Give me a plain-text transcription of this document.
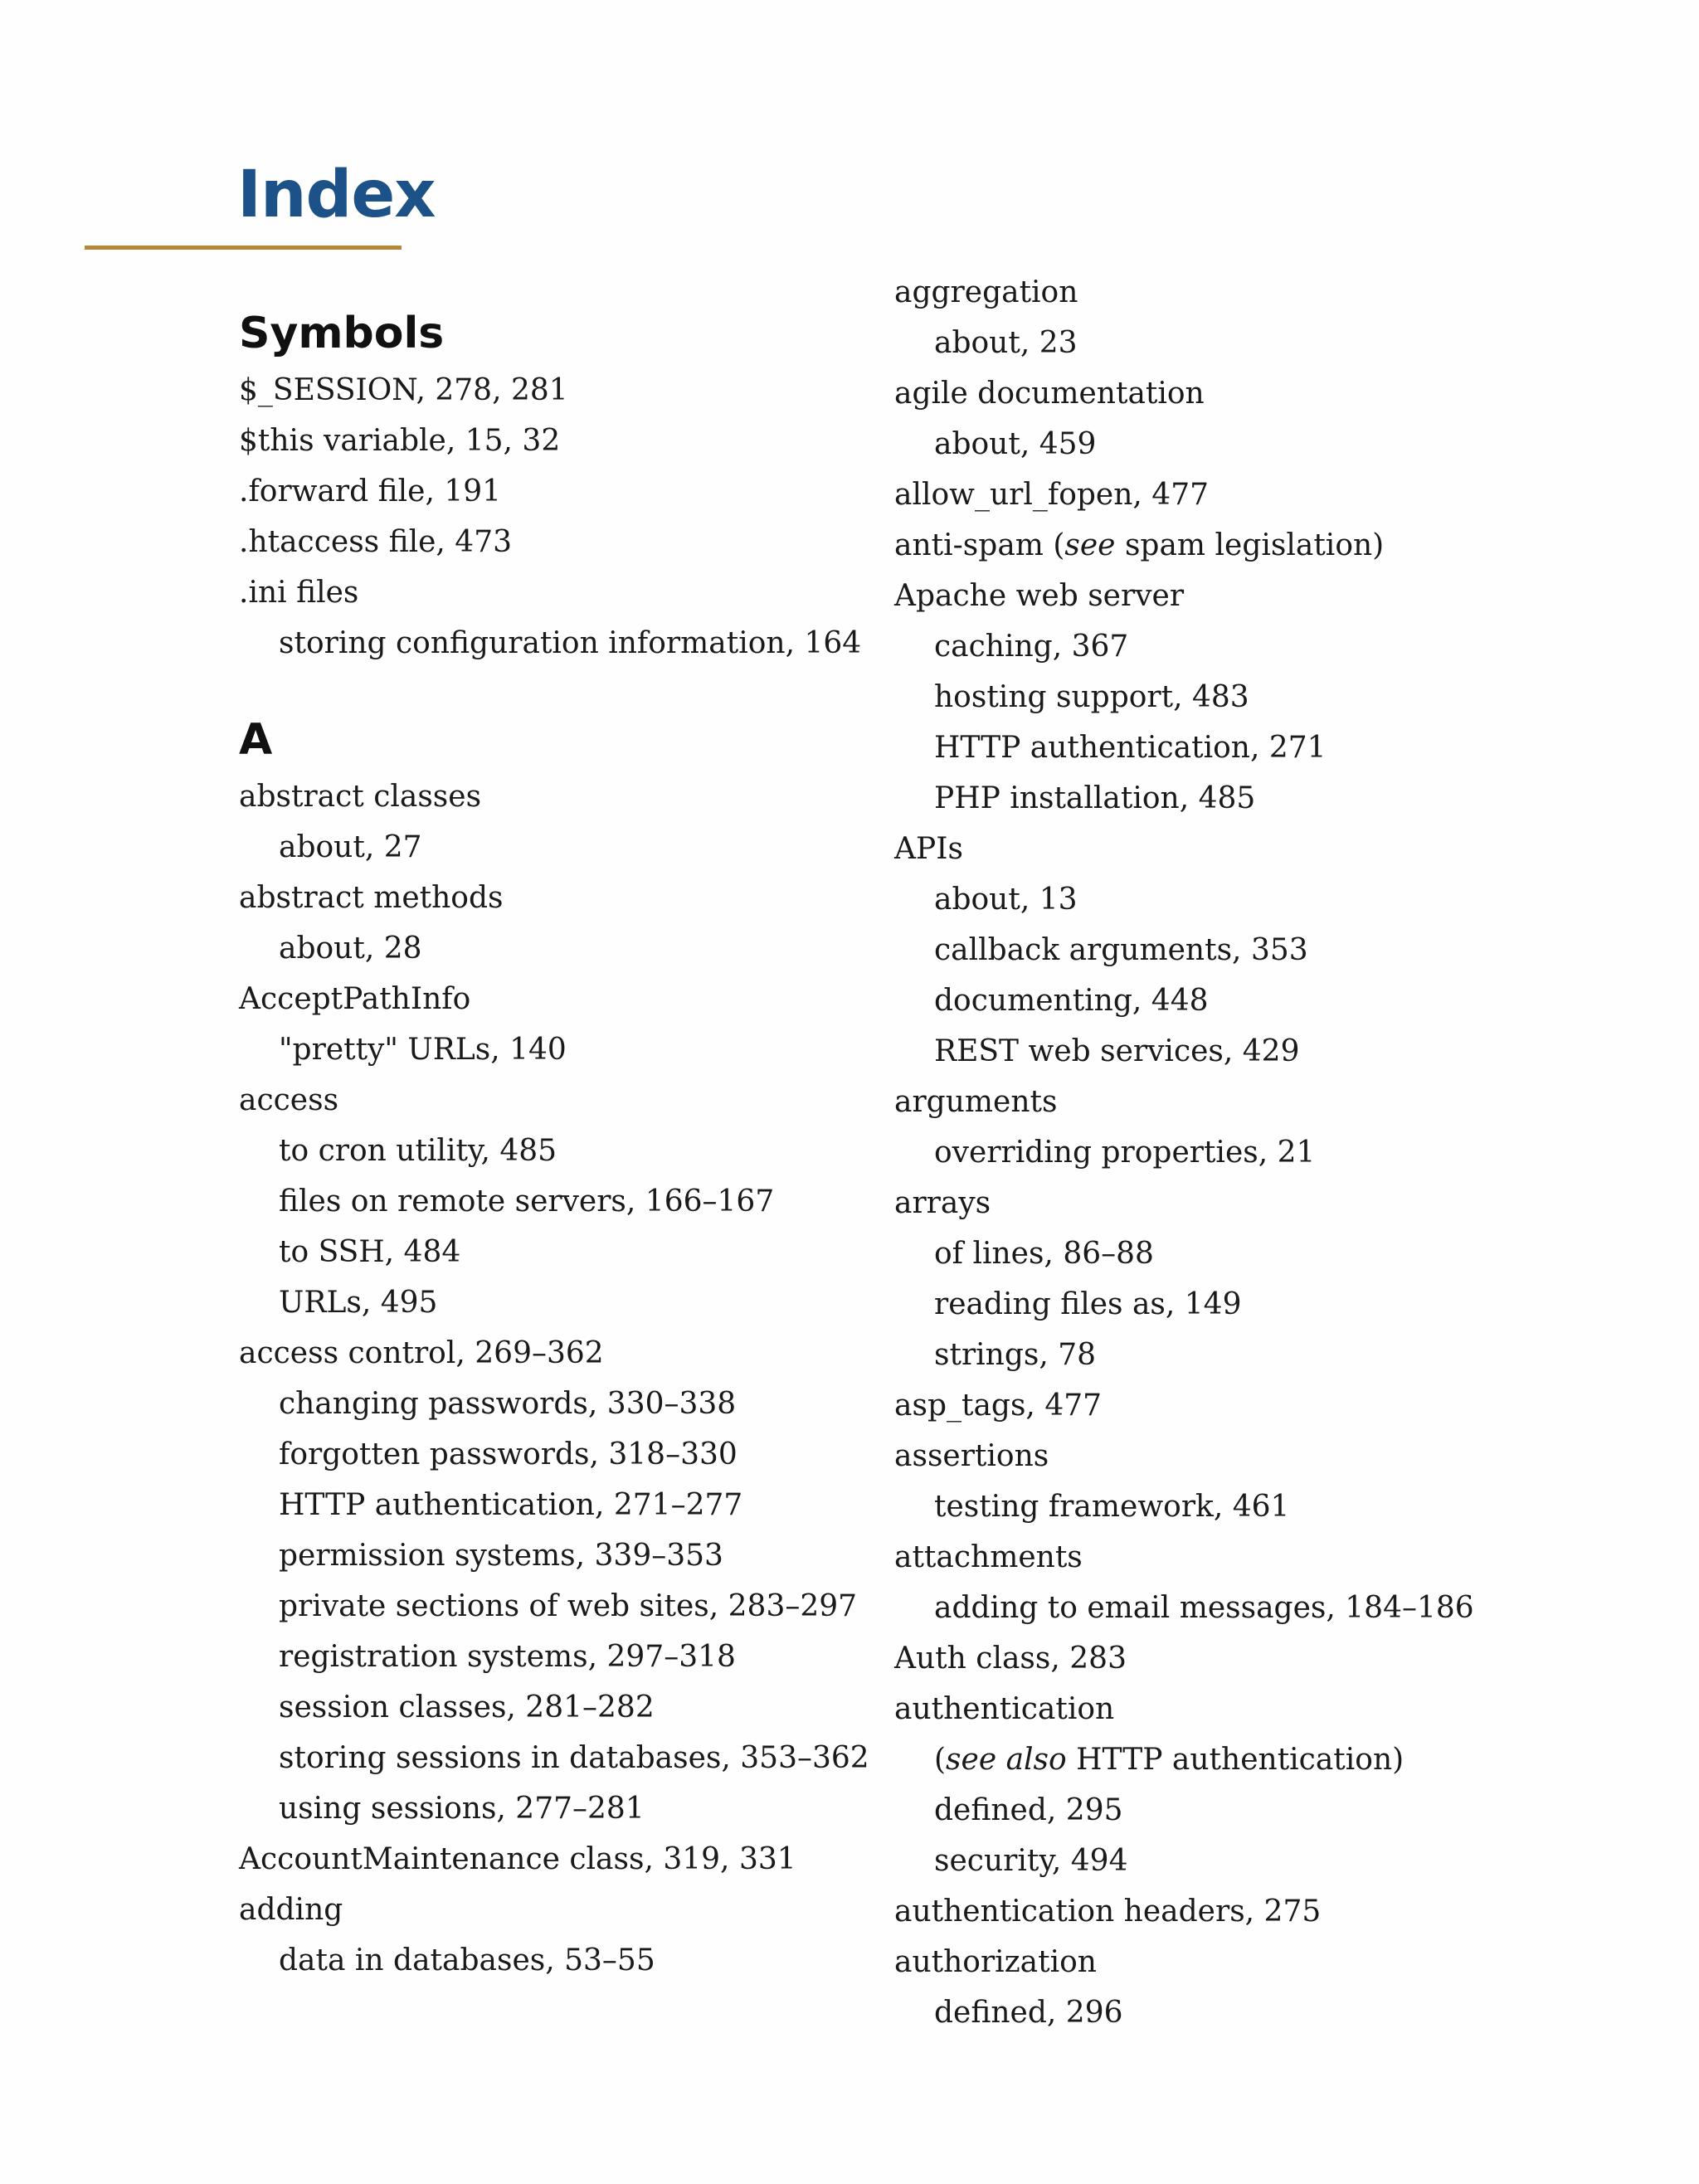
Index
Symbols
$_SESSION, 278, 281
$this variable, 15, 32
.forward file, 191
.htaccess file, 473
.ini files
storing configuration information, 164
A
abstract classes
about, 27
abstract methods
about, 28
AcceptPathInfo
"pretty" URLs, 140
access
to cron utility, 485
files on remote servers, 166–167
to SSH, 484
URLs, 495
access control, 269–362
changing passwords, 330–338
forgotten passwords, 318–330
HTTP authentication, 271–277
permission systems, 339–353
private sections of web sites, 283–297
registration systems, 297–318
session classes, 281–282
storing sessions in databases, 353–362
using sessions, 277–281
AccountMaintenance class, 319, 331
adding
data in databases, 53–55
aggregation
about, 23
agile documentation
about, 459
allow_url_fopen, 477
anti-spam (see spam legislation)
Apache web server
caching, 367
hosting support, 483
HTTP authentication, 271
PHP installation, 485
APIs
about, 13
callback arguments, 353
documenting, 448
REST web services, 429
arguments
overriding properties, 21
arrays
of lines, 86–88
reading files as, 149
strings, 78
asp_tags, 477
assertions
testing framework, 461
attachments
adding to email messages, 184–186
Auth class, 283
authentication
(see also HTTP authentication)
defined, 295
security, 494
authentication headers, 275
authorization
defined, 296
